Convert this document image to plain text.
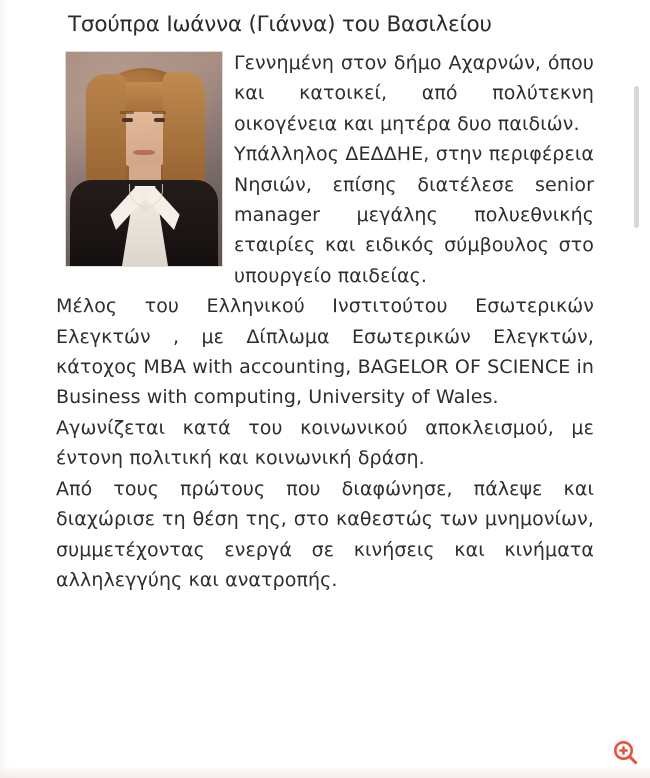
Τσούπρα Ιωάννα (Γιάννα) του Βασιλείου

Γεννημένη στον δήμο Αχαρνών, όπου και κατοικεί, από πολύτεκνη οικογένεια και μητέρα δυο παιδιών.

Υπάλληλος ΔΕΔΔΗΕ, στην περιφέρεια Νησιών, επίσης διατέλεσε senior manager μεγάλης πολυεθνικής εταιρίες και ειδικός σύμβουλος στο υπουργείο παιδείας.

Μέλος του Ελληνικού Ινστιτούτου Εσωτερικών Ελεγκτών , με Δίπλωμα Εσωτερικών Ελεγκτών, κάτοχος MBA with accounting, BAGELOR OF SCIENCE in Business with computing, University of Wales.

Αγωνίζεται κατά του κοινωνικού αποκλεισμού, με έντονη πολιτική και κοινωνική δράση.

Από τους πρώτους που διαφώνησε, πάλεψε και διαχώρισε τη θέση της, στο καθεστώς των μνημονίων, συμμετέχοντας ενεργά σε κινήσεις και κινήματα αλληλεγγύης και ανατροπής.
